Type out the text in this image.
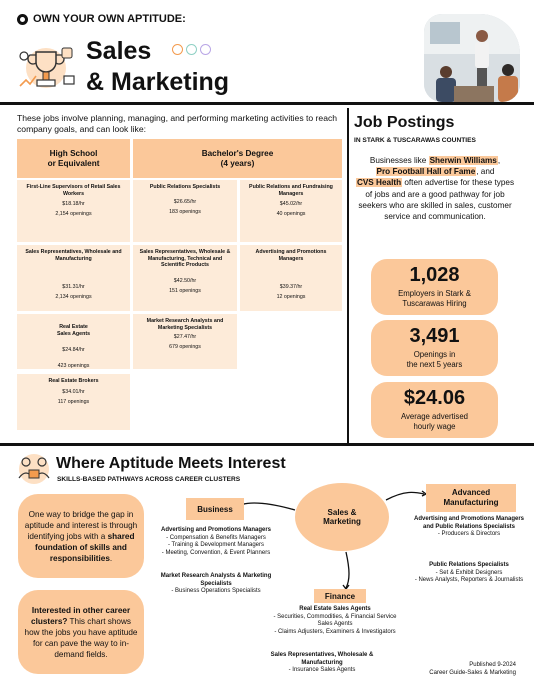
OWN YOUR OWN APTITUDE:
Sales
& Marketing
These jobs involve planning, managing, and performing marketing activities to reach company goals, and can look like:
High School
or Equivalent
Bachelor's Degree
(4 years)
First-Line Supervisors of Retail Sales Workers
$18.18/hr
2,154 openings
Sales Representatives, Wholesale and Manufacturing
$31.31/hr
2,134 openings

Real Estate
Sales Agents

$24.84/hr

423 openings

Real Estate Brokers
$34.01/hr
117 openings
Public Relations Specialists
$26.65/hr
183 openings
Public Relations and Fundraising Managers
$45.02/hr
40 openings
Sales Representatives, Wholesale & Manufacturing, Technical and Scientific Products
$42.50/hr
151 openings
Advertising and Promotions Managers
$39.37/hr
12 openings
Market Research Analysts and Marketing Specialists
$27.47/hr
679 openings
Job Postings
IN STARK & TUSCARAWAS COUNTIES
Businesses like Sherwin Williams,
Pro Football Hall of Fame, and
CVS Health often advertise for these types of jobs and are a good pathway for job seekers who are skilled in sales, customer service and communication.
1,028
Employers in Stark &
Tuscarawas Hiring
3,491
Openings in
the next 5 years
$24.06
Average advertised
hourly wage
Where Aptitude Meets Interest
SKILLS-BASED PATHWAYS ACROSS CAREER CLUSTERS
One way to bridge the gap in aptitude and interest is through identifying jobs with a shared foundation of skills and responsibilities.
Interested in other career clusters? This chart shows how the jobs you have aptitude for can pave the way to in-demand fields.
Sales &
Marketing
Business
Advanced
Manufacturing
Finance
Advertising and Promotions Managers
- Compensation & Benefits Managers
- Training & Development Managers
- Meeting, Convention, & Event Planners
Market Research Analysts & Marketing Specialists
- Business Operations Specialists
Advertising and Promotions Managers and Public Relations Specialists
- Producers & Directors
Public Relations Specialists
- Set & Exhibit Designers
- News Analysts, Reporters & Journalists
Real Estate Sales Agents
- Securities, Commodities, & Financial Service Sales Agents
- Claims Adjusters, Examiners & Investigators
Sales Representatives, Wholesale & Manufacturing
- Insurance Sales Agents
Published 9-2024
Career Guide-Sales & Marketing
